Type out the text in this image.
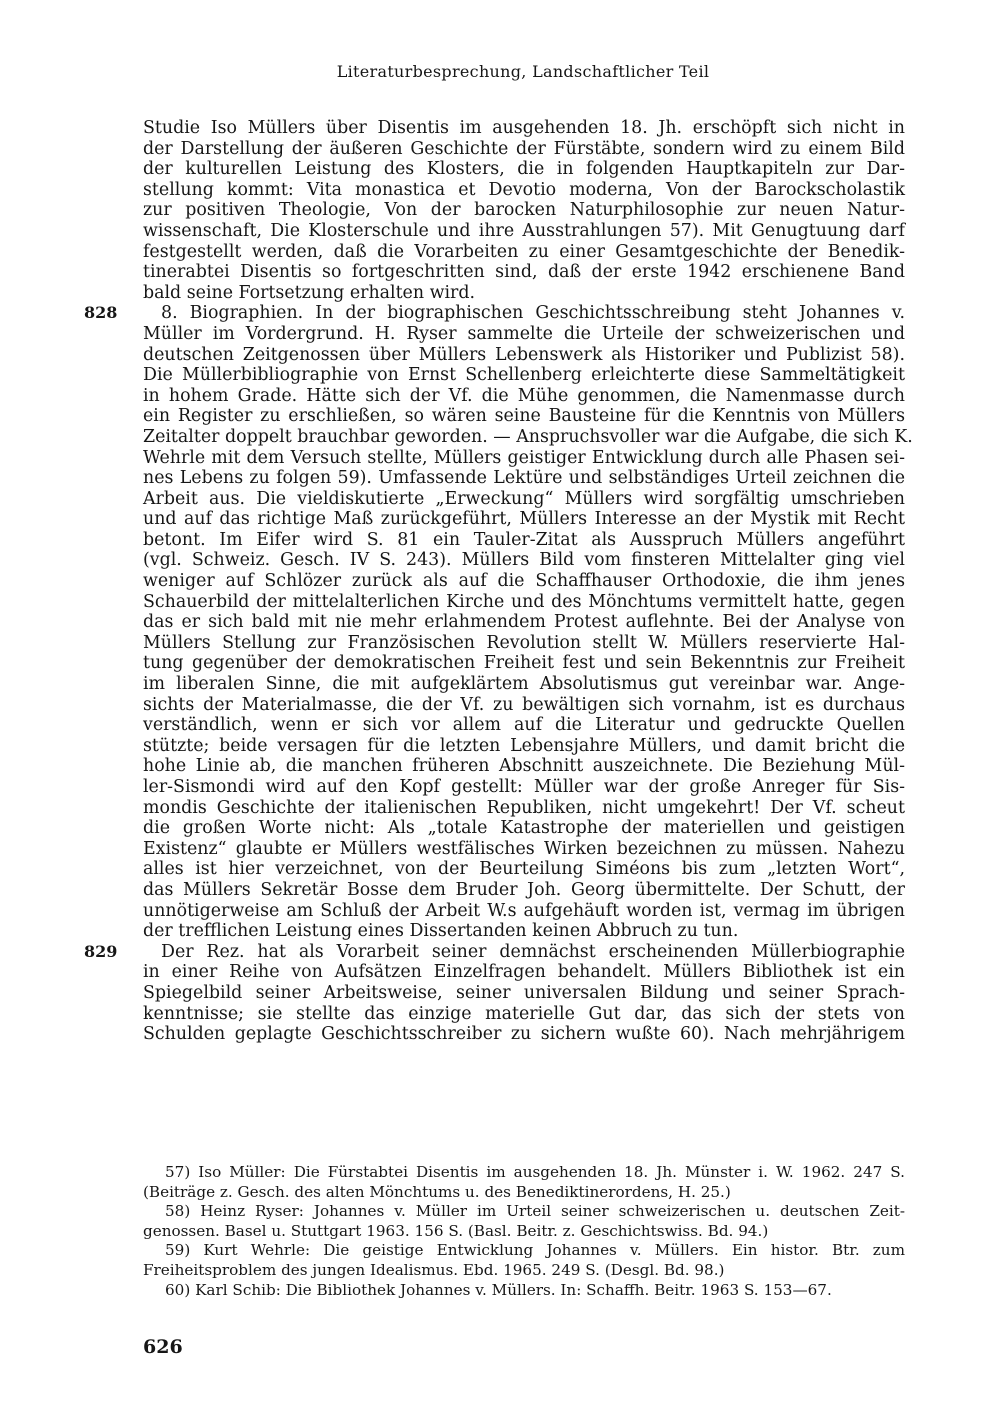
Literaturbesprechung, Landschaftlicher Teil
Studie Iso Müllers über Disentis im ausgehenden 18. Jh. erschöpft sich nicht in
der Darstellung der äußeren Geschichte der Fürstäbte, sondern wird zu einem Bild
der kulturellen Leistung des Klosters, die in folgenden Hauptkapiteln zur Dar-
stellung kommt: Vita monastica et Devotio moderna, Von der Barockscholastik
zur positiven Theologie, Von der barocken Naturphilosophie zur neuen Natur-
wissenschaft, Die Klosterschule und ihre Ausstrahlungen 57). Mit Genugtuung darf
festgestellt werden, daß die Vorarbeiten zu einer Gesamtgeschichte der Benedik-
tinerabtei Disentis so fortgeschritten sind, daß der erste 1942 erschienene Band
bald seine Fortsetzung erhalten wird.
8. Biographien. In der biographischen Geschichtsschreibung steht Johannes v.
828
Müller im Vordergrund. H. Ryser sammelte die Urteile der schweizerischen und
deutschen Zeitgenossen über Müllers Lebenswerk als Historiker und Publizist 58).
Die Müllerbibliographie von Ernst Schellenberg erleichterte diese Sammeltätigkeit
in hohem Grade. Hätte sich der Vf. die Mühe genommen, die Namenmasse durch
ein Register zu erschließen, so wären seine Bausteine für die Kenntnis von Müllers
Zeitalter doppelt brauchbar geworden. — Anspruchsvoller war die Aufgabe, die sich K.
Wehrle mit dem Versuch stellte, Müllers geistiger Entwicklung durch alle Phasen sei-
nes Lebens zu folgen 59). Umfassende Lektüre und selbständiges Urteil zeichnen die
Arbeit aus. Die vieldiskutierte „Erweckung“ Müllers wird sorgfältig umschrieben
und auf das richtige Maß zurückgeführt, Müllers Interesse an der Mystik mit Recht
betont. Im Eifer wird S. 81 ein Tauler-Zitat als Ausspruch Müllers angeführt
(vgl. Schweiz. Gesch. IV S. 243). Müllers Bild vom finsteren Mittelalter ging viel
weniger auf Schlözer zurück als auf die Schaffhauser Orthodoxie, die ihm jenes
Schauerbild der mittelalterlichen Kirche und des Mönchtums vermittelt hatte, gegen
das er sich bald mit nie mehr erlahmendem Protest auflehnte. Bei der Analyse von
Müllers Stellung zur Französischen Revolution stellt W. Müllers reservierte Hal-
tung gegenüber der demokratischen Freiheit fest und sein Bekenntnis zur Freiheit
im liberalen Sinne, die mit aufgeklärtem Absolutismus gut vereinbar war. Ange-
sichts der Materialmasse, die der Vf. zu bewältigen sich vornahm, ist es durchaus
verständlich, wenn er sich vor allem auf die Literatur und gedruckte Quellen
stützte; beide versagen für die letzten Lebensjahre Müllers, und damit bricht die
hohe Linie ab, die manchen früheren Abschnitt auszeichnete. Die Beziehung Mül-
ler-Sismondi wird auf den Kopf gestellt: Müller war der große Anreger für Sis-
mondis Geschichte der italienischen Republiken, nicht umgekehrt! Der Vf. scheut
die großen Worte nicht: Als „totale Katastrophe der materiellen und geistigen
Existenz“ glaubte er Müllers westfälisches Wirken bezeichnen zu müssen. Nahezu
alles ist hier verzeichnet, von der Beurteilung Siméons bis zum „letzten Wort“,
das Müllers Sekretär Bosse dem Bruder Joh. Georg übermittelte. Der Schutt, der
unnötigerweise am Schluß der Arbeit W.s aufgehäuft worden ist, vermag im übrigen
der trefflichen Leistung eines Dissertanden keinen Abbruch zu tun.
Der Rez. hat als Vorarbeit seiner demnächst erscheinenden Müllerbiographie
829
in einer Reihe von Aufsätzen Einzelfragen behandelt. Müllers Bibliothek ist ein
Spiegelbild seiner Arbeitsweise, seiner universalen Bildung und seiner Sprach-
kenntnisse; sie stellte das einzige materielle Gut dar, das sich der stets von
Schulden geplagte Geschichtsschreiber zu sichern wußte 60). Nach mehrjährigem
57) Iso Müller: Die Fürstabtei Disentis im ausgehenden 18. Jh. Münster i. W. 1962. 247 S.
(Beiträge z. Gesch. des alten Mönchtums u. des Benediktinerordens, H. 25.)
58) Heinz Ryser: Johannes v. Müller im Urteil seiner schweizerischen u. deutschen Zeit-
genossen. Basel u. Stuttgart 1963. 156 S. (Basl. Beitr. z. Geschichtswiss. Bd. 94.)
59) Kurt Wehrle: Die geistige Entwicklung Johannes v. Müllers. Ein histor. Btr. zum
Freiheitsproblem des jungen Idealismus. Ebd. 1965. 249 S. (Desgl. Bd. 98.)
60) Karl Schib: Die Bibliothek Johannes v. Müllers. In: Schaffh. Beitr. 1963 S. 153—67.
626
